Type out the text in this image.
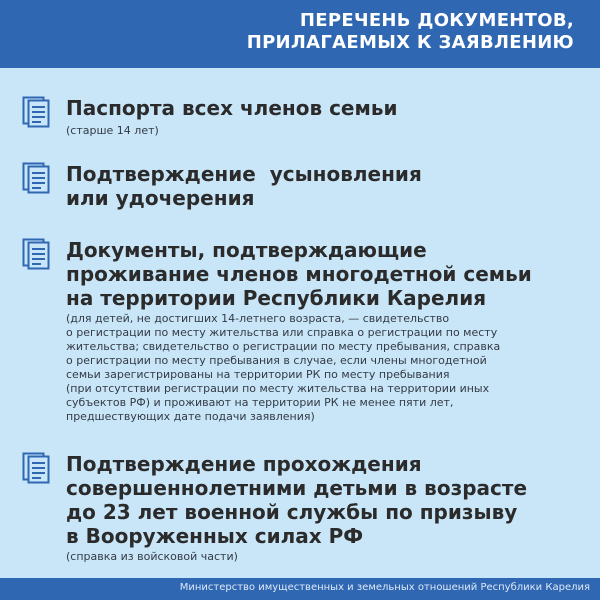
ПЕРЕЧЕНЬ ДОКУМЕНТОВ,
ПРИЛАГАЕМЫХ К ЗАЯВЛЕНИЮ
Паспорта всех членов семьи
(старше 14 лет)
Подтверждение  усыновления
или удочерения
Документы, подтверждающие
проживание членов многодетной семьи
на территории Республики Карелия
(для детей, не достигших 14-летнего возраста, — свидетельство
о регистрации по месту жительства или справка о регистрации по месту
жительства; свидетельство о регистрации по месту пребывания, справка
о регистрации по месту пребывания в случае, если члены многодетной
семьи зарегистрированы на территории РК по месту пребывания
(при отсутствии регистрации по месту жительства на территории иных
субъектов РФ) и проживают на территории РК не менее пяти лет,
предшествующих дате подачи заявления)
Подтверждение прохождения
совершеннолетними детьми в возрасте
до 23 лет военной службы по призыву
в Вооруженных силах РФ
(справка из войсковой части)
Министерство имущественных и земельных отношений Республики Карелия
